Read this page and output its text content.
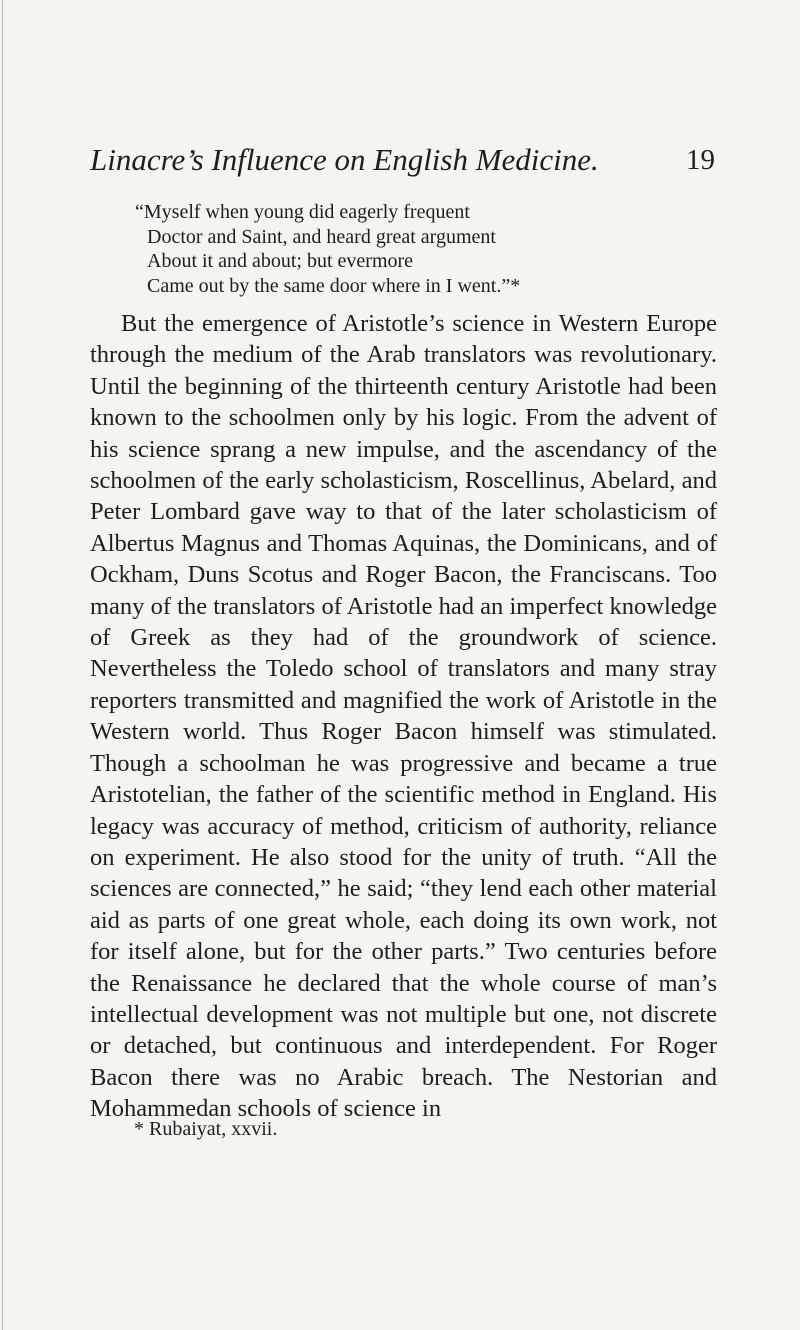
Linacre’s Influence on English Medicine.	19
“Myself when young did eagerly frequent
Doctor and Saint, and heard great argument
About it and about; but evermore
Came out by the same door where in I went.”*

But the emergence of Aristotle’s science in Western Europe through the medium of the Arab translators was revolutionary. Until the beginning of the thirteenth century Aristotle had been known to the schoolmen only by his logic. From the advent of his science sprang a new impulse, and the ascendancy of the schoolmen of the early scholasticism, Roscellinus, Abelard, and Peter Lombard gave way to that of the later scholasticism of Albertus Magnus and Thomas Aquinas, the Dominicans, and of Ockham, Duns Scotus and Roger Bacon, the Franciscans. Too many of the translators of Aristotle had an imperfect knowledge of Greek as they had of the groundwork of science. Nevertheless the Toledo school of translators and many stray reporters transmitted and magnified the work of Aristotle in the Western world. Thus Roger Bacon himself was stimulated. Though a schoolman he was progressive and became a true Aristotelian, the father of the scientific method in England. His legacy was accuracy of method, criticism of authority, reliance on experiment. He also stood for the unity of truth. “All the sciences are connected,” he said; “they lend each other material aid as parts of one great whole, each doing its own work, not for itself alone, but for the other parts.” Two centuries before the Renaissance he declared that the whole course of man’s intellectual development was not multiple but one, not discrete or detached, but continuous and interdependent. For Roger Bacon there was no Arabic breach. The Nestorian and Mohammedan schools of science in

* Rubaiyat, xxvii.
